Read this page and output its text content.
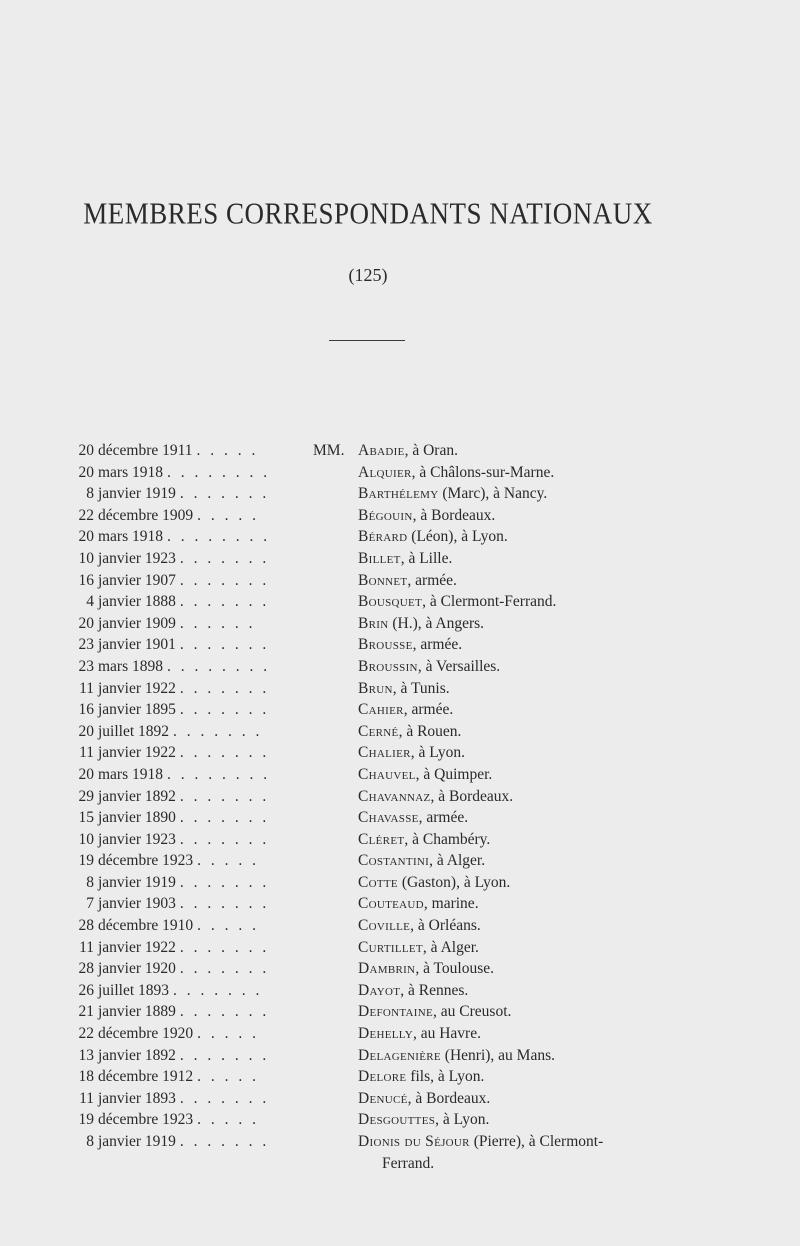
MEMBRES CORRESPONDANTS NATIONAUX
(125)
20 décembre 1911 . . . . .	MM. Abadie, à Oran.
20 mars 1918 . . . . . . . .	Alquier, à Châlons-sur-Marne.
8 janvier 1919 . . . . . . .	Barthélemy (Marc), à Nancy.
22 décembre 1909 . . . . .	Bégouin, à Bordeaux.
20 mars 1918 . . . . . . . .	Bérard (Léon), à Lyon.
10 janvier 1923 . . . . . . .	Billet, à Lille.
16 janvier 1907 . . . . . . .	Bonnet, armée.
4 janvier 1888 . . . . . . .	Bousquet, à Clermont-Ferrand.
20 janvier 1909 . . . . . .	Brin (H.), à Angers.
23 janvier 1901 . . . . . . .	Brousse, armée.
23 mars 1898 . . . . . . . .	Broussin, à Versailles.
11 janvier 1922 . . . . . . .	Brun, à Tunis.
16 janvier 1895 . . . . . . .	Cahier, armée.
20 juillet 1892 . . . . . . .	Cerné, à Rouen.
11 janvier 1922 . . . . . . .	Chalier, à Lyon.
20 mars 1918 . . . . . . . .	Chauvel, à Quimper.
29 janvier 1892 . . . . . . .	Chavannaz, à Bordeaux.
15 janvier 1890 . . . . . . .	Chavasse, armée.
10 janvier 1923 . . . . . . .	Cléret, à Chambéry.
19 décembre 1923 . . . . .	Costantini, à Alger.
8 janvier 1919 . . . . . . .	Cotte (Gaston), à Lyon.
7 janvier 1903 . . . . . . .	Couteaud, marine.
28 décembre 1910 . . . . .	Coville, à Orléans.
11 janvier 1922 . . . . . . .	Curtillet, à Alger.
28 janvier 1920 . . . . . . .	Dambrin, à Toulouse.
26 juillet 1893 . . . . . . .	Dayot, à Rennes.
21 janvier 1889 . . . . . . .	Defontaine, au Creusot.
22 décembre 1920 . . . . .	Dehelly, au Havre.
13 janvier 1892 . . . . . . .	Delagenière (Henri), au Mans.
18 décembre 1912 . . . . .	Delore fils, à Lyon.
11 janvier 1893 . . . . . . .	Denucé, à Bordeaux.
19 décembre 1923 . . . . .	Desgouttes, à Lyon.
8 janvier 1919 . . . . . . .	Dionis du Séjour (Pierre), à Clermont-
Ferrand.
